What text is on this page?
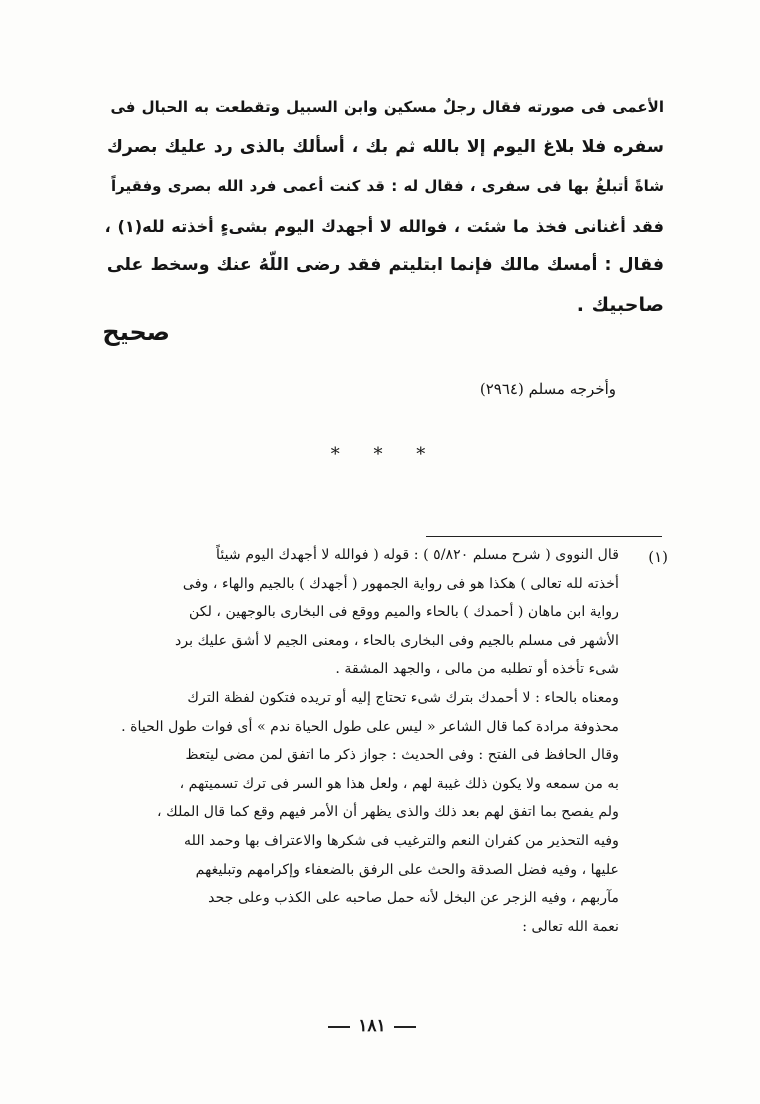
الأعمى فى صورته فقال رجلٌ مسكين وابن السبيل وتقطعت به الحبال فى
سفره فلا بلاغ اليوم إلا بالله ثم بك ، أسألك بالذى رد عليك بصرك
شاةً أتبلغُ بها فى سفرى ، فقال له : قد كنت أعمى فرد الله بصرى وفقيراً
فقد أغنانى فخذ ما شئت ، فوالله لا أجهدك اليوم بشىءٍ أخذته لله(١) ،
فقال : أمسك مالك فإنما ابتليتم فقد رضى اللّهُ عنك وسخط على
صاحبيك .
صحيح
وأخرجه مسلم (٢٩٦٤)
* * *
(١)
قال النووى ( شرح مسلم ٥/٨٢٠ ) : قوله ( فوالله لا أجهدك اليوم شيئاً
أخذته لله تعالى ) هكذا هو فى رواية الجمهور ( أجهدك ) بالجيم والهاء ، وفى
رواية ابن ماهان ( أحمدك ) بالحاء والميم ووقع فى البخارى بالوجهين ، لكن
الأشهر فى مسلم بالجيم وفى البخارى بالحاء ، ومعنى الجيم لا أشق عليك برد
شىء تأخذه أو تطلبه من مالى ، والجهد المشقة .
ومعناه بالحاء : لا أحمدك بترك شىء تحتاج إليه أو تريده فتكون لفظة الترك
محذوفة مرادة كما قال الشاعر « ليس على طول الحياة ندم » أى فوات طول الحياة .
وقال الحافظ فى الفتح : وفى الحديث : جواز ذكر ما اتفق لمن مضى ليتعظ
به من سمعه ولا يكون ذلك غيبة لهم ، ولعل هذا هو السر فى ترك تسميتهم ،
ولم يفصح بما اتفق لهم بعد ذلك والذى يظهر أن الأمر فيهم وقع كما قال الملك ،
وفيه التحذير من كفران النعم والترغيب فى شكرها والاعتراف بها وحمد الله
عليها ، وفيه فضل الصدقة والحث على الرفق بالضعفاء وإكرامهم وتبليغهم
مآربهم ، وفيه الزجر عن البخل لأنه حمل صاحبه على الكذب وعلى جحد
نعمة الله تعالى :
١٨١
